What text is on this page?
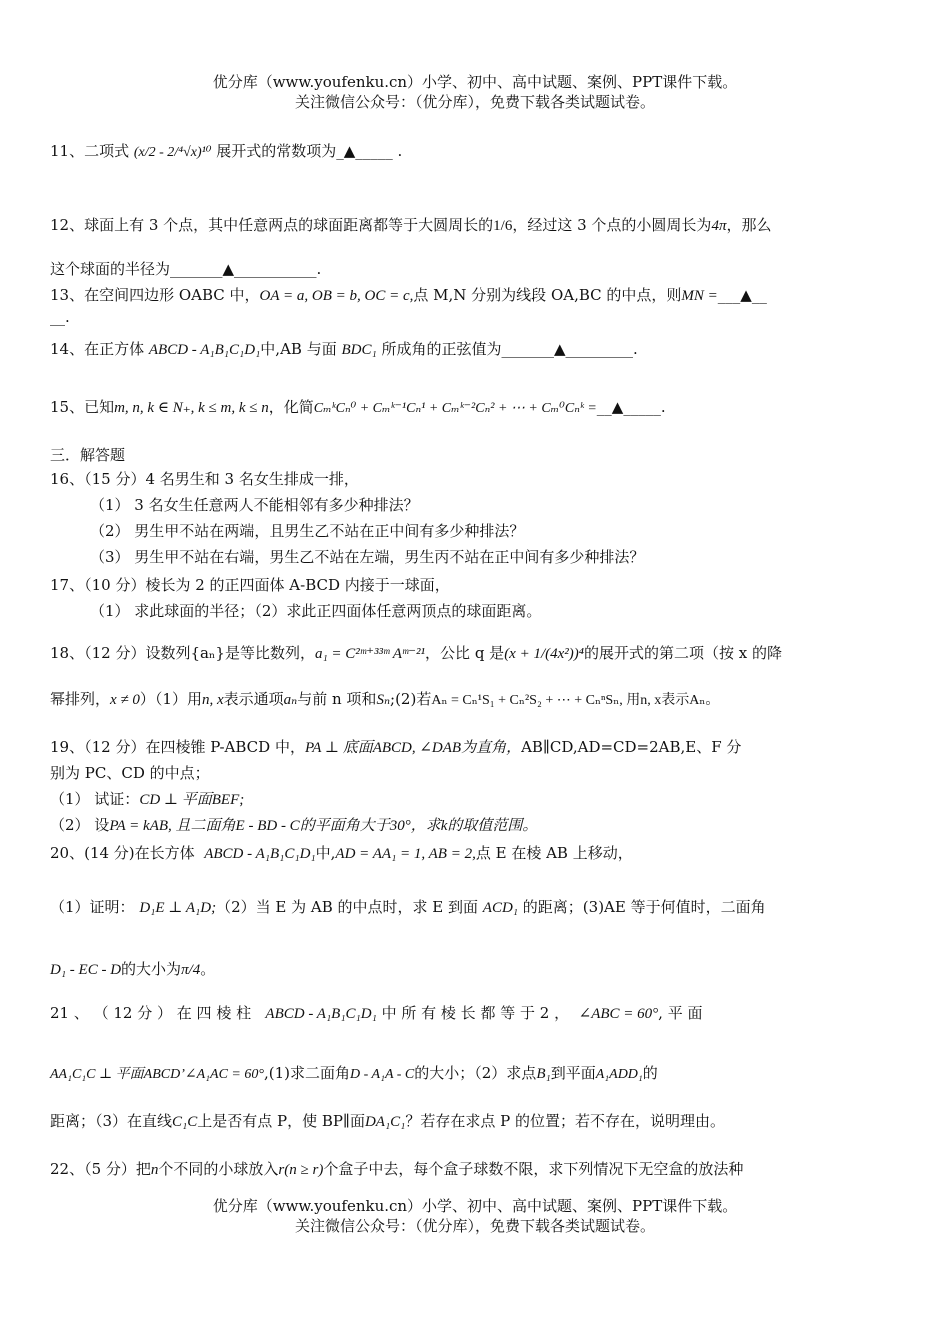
优分库（www.youfenku.cn）小学、初中、高中试题、案例、PPT课件下载。
关注微信公众号：（优分库），免费下载各类试题试卷。
11、二项式 (x/2 - 2/⁴√x)¹⁰ 展开式的常数项为_▲_____ .
12、球面上有 3 个点，其中任意两点的球面距离都等于大圆周长的1/6，经过这 3 个点的小圆周长为4π，那么
这个球面的半径为_______▲___________.
13、在空间四边形 OABC 中，OA = a, OB = b, OC = c,点 M,N 分别为线段 OA,BC 的中点，则MN =___▲__
__.
14、在正方体 ABCD - A₁B₁C₁D₁中,AB 与面 BDC₁ 所成角的正弦值为_______▲_________.
15、已知m, n, k ∈ N₊, k ≤ m, k ≤ n，化简CₘᵏCₙ⁰ + Cₘᵏ⁻¹Cₙ¹ + Cₘᵏ⁻²Cₙ² + ⋯ + Cₘ⁰Cₙᵏ =__▲_____.
三．解答题
16、（15 分）4 名男生和 3 名女生排成一排，
（1） 3 名女生任意两人不能相邻有多少种排法？
（2） 男生甲不站在两端，且男生乙不站在正中间有多少种排法？
（3） 男生甲不站在右端，男生乙不站在左端，男生丙不站在正中间有多少种排法？
17、（10 分）棱长为 2 的正四面体 A-BCD 内接于一球面，
（1） 求此球面的半径；（2）求此正四面体任意两顶点的球面距离。
18、（12 分）设数列{aₙ}是等比数列，a₁ = C²ᵐ⁺³³ᵐ Aᵐ⁻²¹，公比 q 是(x + 1/(4x²))⁴的展开式的第二项（按 x 的降
幂排列，x ≠ 0）（1）用n, x表示通项aₙ与前 n 项和Sₙ;(2)若Aₙ = Cₙ¹S₁ + Cₙ²S₂ + ⋯ + CₙⁿSₙ, 用n, x表示Aₙ。
19、（12 分）在四棱锥 P-ABCD 中，PA ⊥ 底面ABCD, ∠DAB为直角，AB∥CD,AD=CD=2AB,E、F 分
别为 PC、CD 的中点；
（1） 试证：CD ⊥ 平面BEF;
（2） 设PA = kAB, 且二面角E - BD - C的平面角大于30°，求k的取值范围。
20、(14 分)在长方体 ABCD - A₁B₁C₁D₁中,AD = AA₁ = 1, AB = 2,点 E 在棱 AB 上移动，
（1）证明： D₁E ⊥ A₁D;（2）当 E 为 AB 的中点时，求 E 到面 ACD₁ 的距离；(3)AE 等于何值时，二面角
D₁ - EC - D的大小为π/4。
21 、 （ 12 分 ） 在 四 棱 柱 ABCD - A₁B₁C₁D₁ 中 所 有 棱 长 都 等 于 2 ， ∠ABC = 60°, 平 面
AA₁C₁C ⊥ 平面ABCD’∠A₁AC = 60°,(1)求二面角D - A₁A - C的大小；（2）求点B₁到平面A₁ADD₁的
距离；（3）在直线C₁C上是否有点 P，使 BP∥面DA₁C₁？若存在求点 P 的位置；若不存在，说明理由。
22、（5 分）把n个不同的小球放入r(n ≥ r)个盒子中去，每个盒子球数不限，求下列情况下无空盒的放法种
优分库（www.youfenku.cn）小学、初中、高中试题、案例、PPT课件下载。
关注微信公众号：（优分库），免费下载各类试题试卷。
